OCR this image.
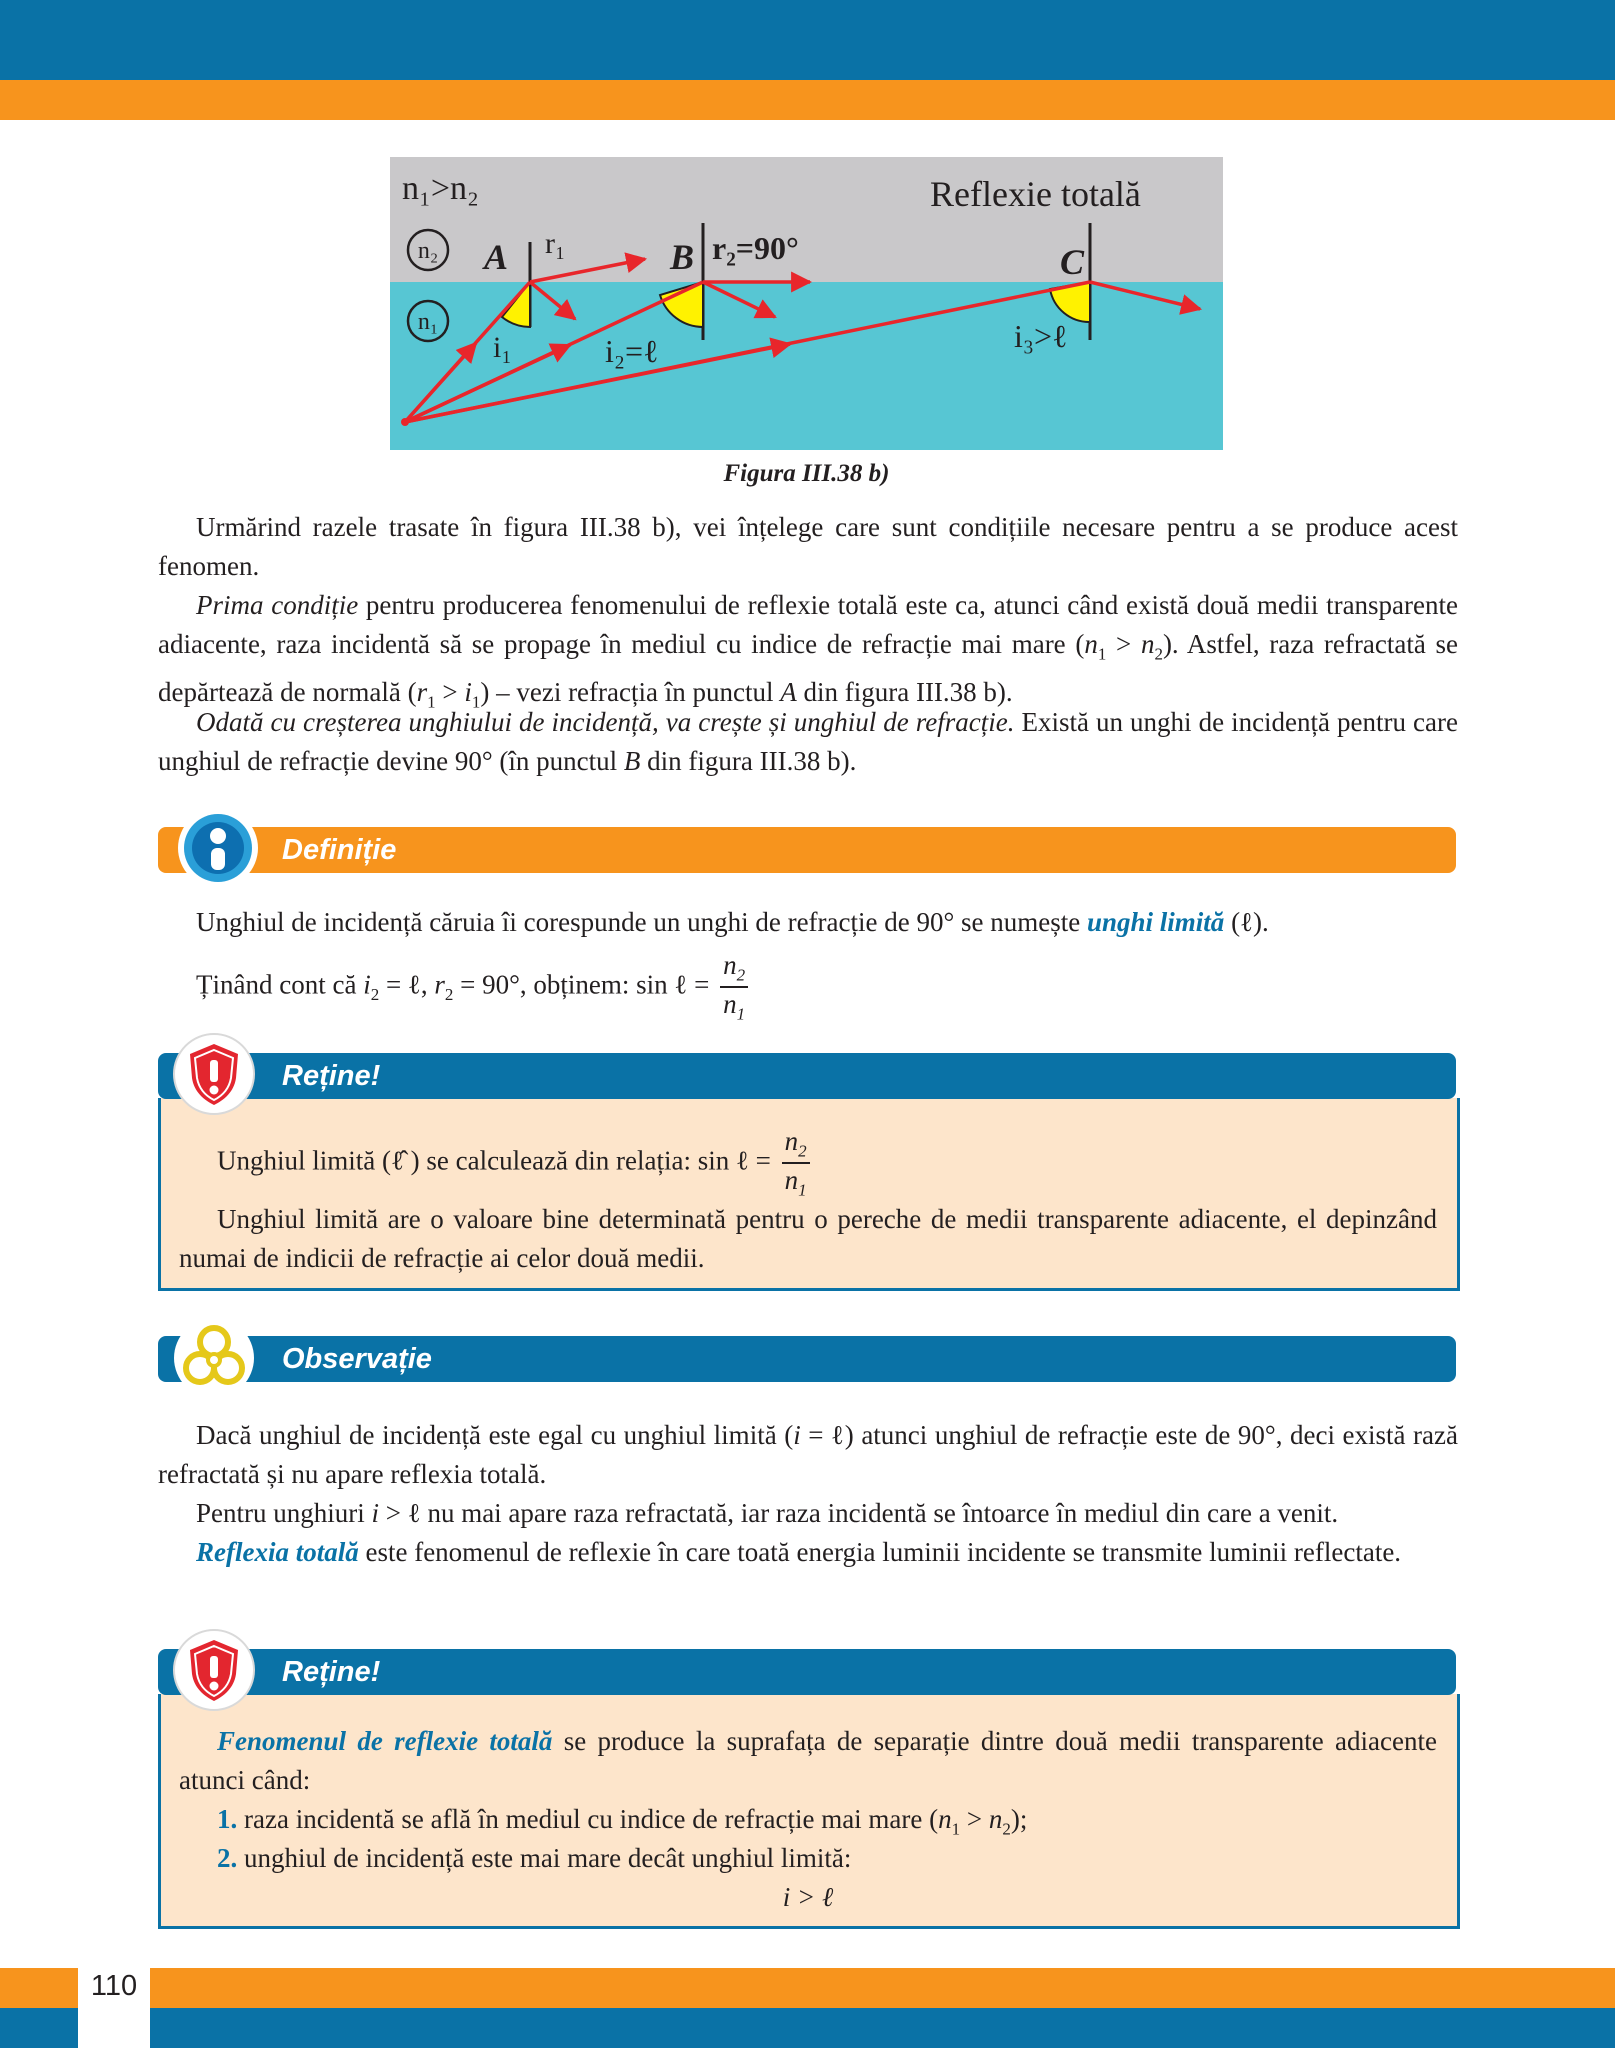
n₁>n₂	Reflexie totală
n₂
n₁
A r₁	B r₂=90°	C
i₁	i₂=ℓ	i₃>ℓ
Figura III.38 b)

Urmărind razele trasate în figura III.38 b), vei înțelege care sunt condițiile necesare pentru a se produce acest fenomen.

Prima condiție pentru producerea fenomenului de reflexie totală este ca, atunci când există două medii transparente adiacente, raza incidentă să se propage în mediul cu indice de refracție mai mare $(n_1 > n_2)$. Astfel, raza refractată se depărtează de normală $(r_1 > i_1)$ – vezi refracția în punctul A din figura III.38 b).

Odată cu creșterea unghiului de incidență, va crește și unghiul de refracție. Există un unghi de incidență pentru care unghiul de refracție devine 90° (în punctul B din figura III.38 b).

Definiție

Unghiul de incidență căruia îi corespunde un unghi de refracție de 90° se numește unghi limită (ℓ).

Ținând cont că $i_2$ = ℓ, $r_2 = 90^\circ$, obținem: sin ℓ = $\frac{n_2}{n_1}$

Unghiul limită (ℓ̂ ) se calculează din relația: sin ℓ = $\frac{n_2}{n_1}$

Unghiul limită are o valoare bine determinată pentru o pereche de medii transparente adiacente, el depinzând numai de indicii de refracție ai celor două medii.

Reține!
Observație

Dacă unghiul de incidență este egal cu unghiul limită (i = ℓ) atunci unghiul de refracție este de 90°, deci există rază refractată și nu apare reflexia totală.

Pentru unghiuri i > ℓ nu mai apare raza refractată, iar raza incidentă se întoarce în mediul din care a venit.

Reflexia totală este fenomenul de reflexie în care toată energia luminii incidente se transmite luminii reflectate.

Fenomenul de reflexie totală se produce la suprafața de separație dintre două medii transparente adiacente atunci când:

1. raza incidentă se află în mediul cu indice de refracție mai mare $(n_1 > n_2)$;

2. unghiul de incidență este mai mare decât unghiul limită:

i > ℓ

Reține!
110
